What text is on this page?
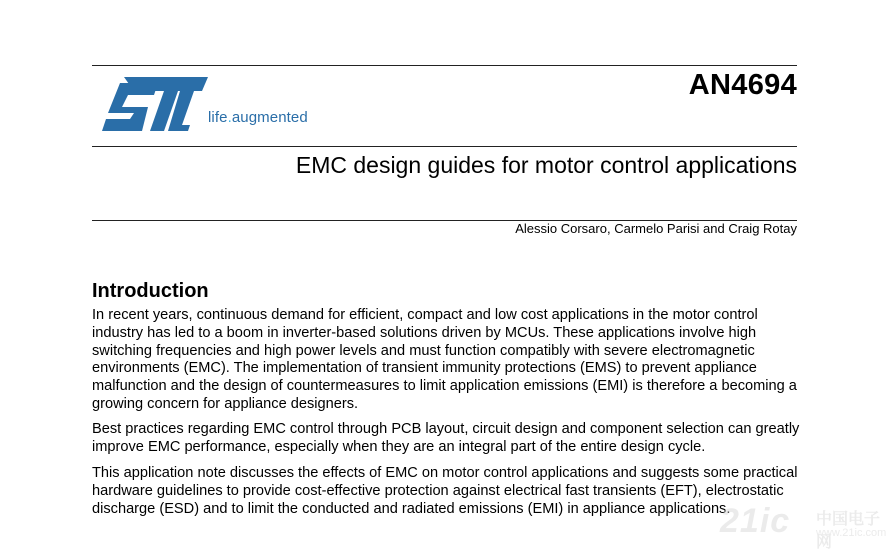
life.augmented
AN4694
EMC design guides for motor control applications
Alessio Corsaro, Carmelo Parisi and Craig Rotay
Introduction

In recent years, continuous demand for efficient, compact and low cost applications in the motor control industry has led to a boom in inverter-based solutions driven by MCUs. These applications involve high switching frequencies and high power levels and must function compatibly with severe electromagnetic environments (EMC). The implementation of transient immunity protections (EMS) to prevent appliance malfunction and the design of countermeasures to limit application emissions (EMI) is therefore a becoming a growing concern for appliance designers.

Best practices regarding EMC control through PCB layout, circuit design and component selection can greatly improve EMC performance, especially when they are an integral part of the entire design cycle.

This application note discusses the effects of EMC on motor control applications and suggests some practical hardware guidelines to provide cost-effective protection against electrical fast transients (EFT), electrostatic discharge (ESD) and to limit the conducted and radiated emissions (EMI) in appliance applications.

21ic 中国电子网
www.21ic.com
